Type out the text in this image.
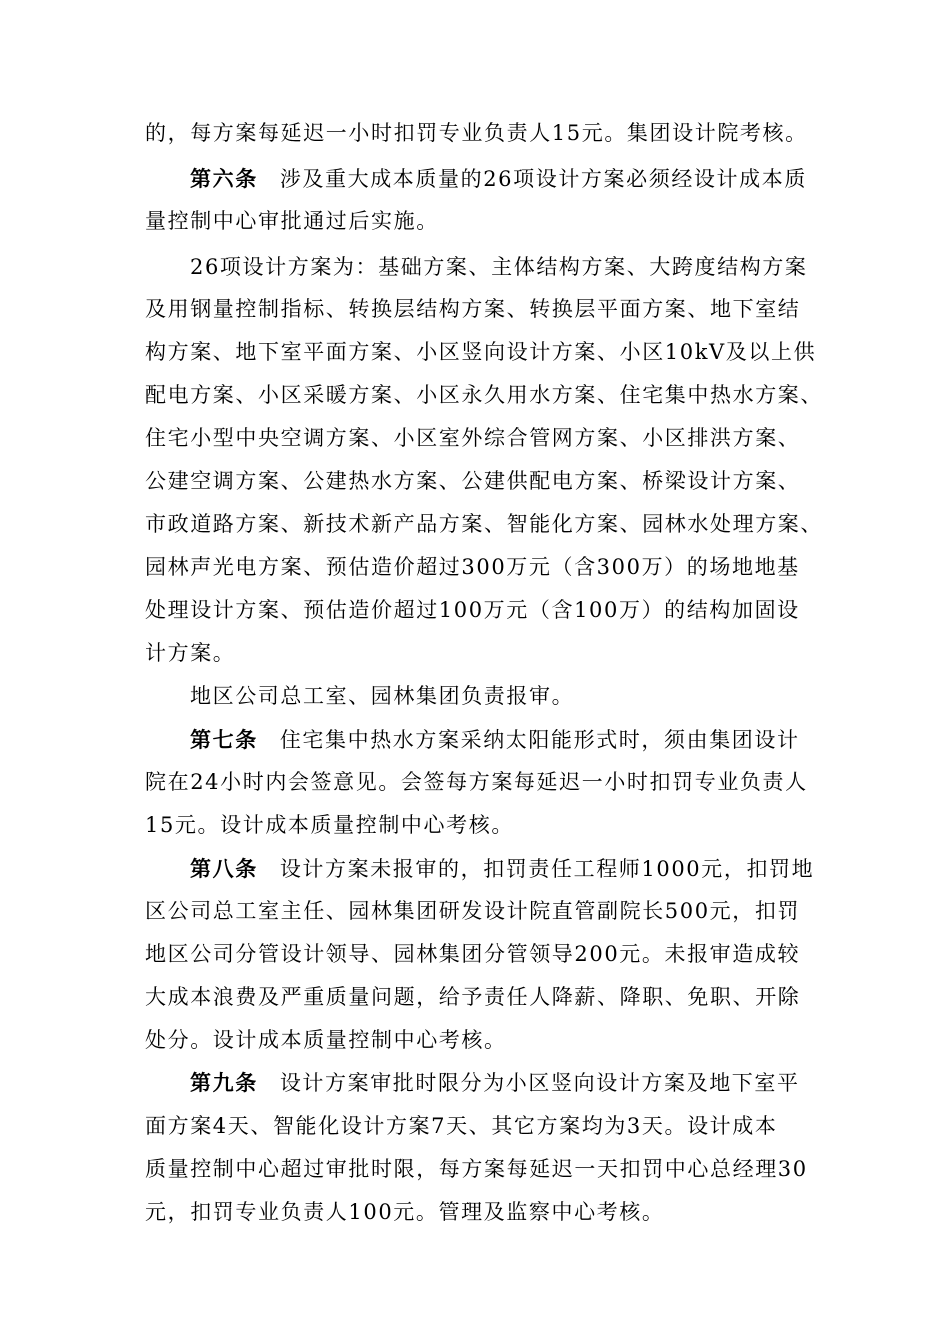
的，每方案每延迟一小时扣罚专业负责人15元。集团设计院考核。
第六条 涉及重大成本质量的26项设计方案必须经设计成本质
量控制中心审批通过后实施。
26项设计方案为：基础方案、主体结构方案、大跨度结构方案
及用钢量控制指标、转换层结构方案、转换层平面方案、地下室结
构方案、地下室平面方案、小区竖向设计方案、小区10kV及以上供
配电方案、小区采暖方案、小区永久用水方案、住宅集中热水方案、
住宅小型中央空调方案、小区室外综合管网方案、小区排洪方案、
公建空调方案、公建热水方案、公建供配电方案、桥梁设计方案、
市政道路方案、新技术新产品方案、智能化方案、园林水处理方案、
园林声光电方案、预估造价超过300万元（含300万）的场地地基
处理设计方案、预估造价超过100万元（含100万）的结构加固设
计方案。
地区公司总工室、园林集团负责报审。
第七条 住宅集中热水方案采纳太阳能形式时，须由集团设计
院在24小时内会签意见。会签每方案每延迟一小时扣罚专业负责人
15元。设计成本质量控制中心考核。
第八条 设计方案未报审的，扣罚责任工程师1000元，扣罚地
区公司总工室主任、园林集团研发设计院直管副院长500元，扣罚
地区公司分管设计领导、园林集团分管领导200元。未报审造成较
大成本浪费及严重质量问题，给予责任人降薪、降职、免职、开除
处分。设计成本质量控制中心考核。
第九条 设计方案审批时限分为小区竖向设计方案及地下室平
面方案4天、智能化设计方案7天、其它方案均为3天。设计成本
质量控制中心超过审批时限，每方案每延迟一天扣罚中心总经理30
元，扣罚专业负责人100元。管理及监察中心考核。
